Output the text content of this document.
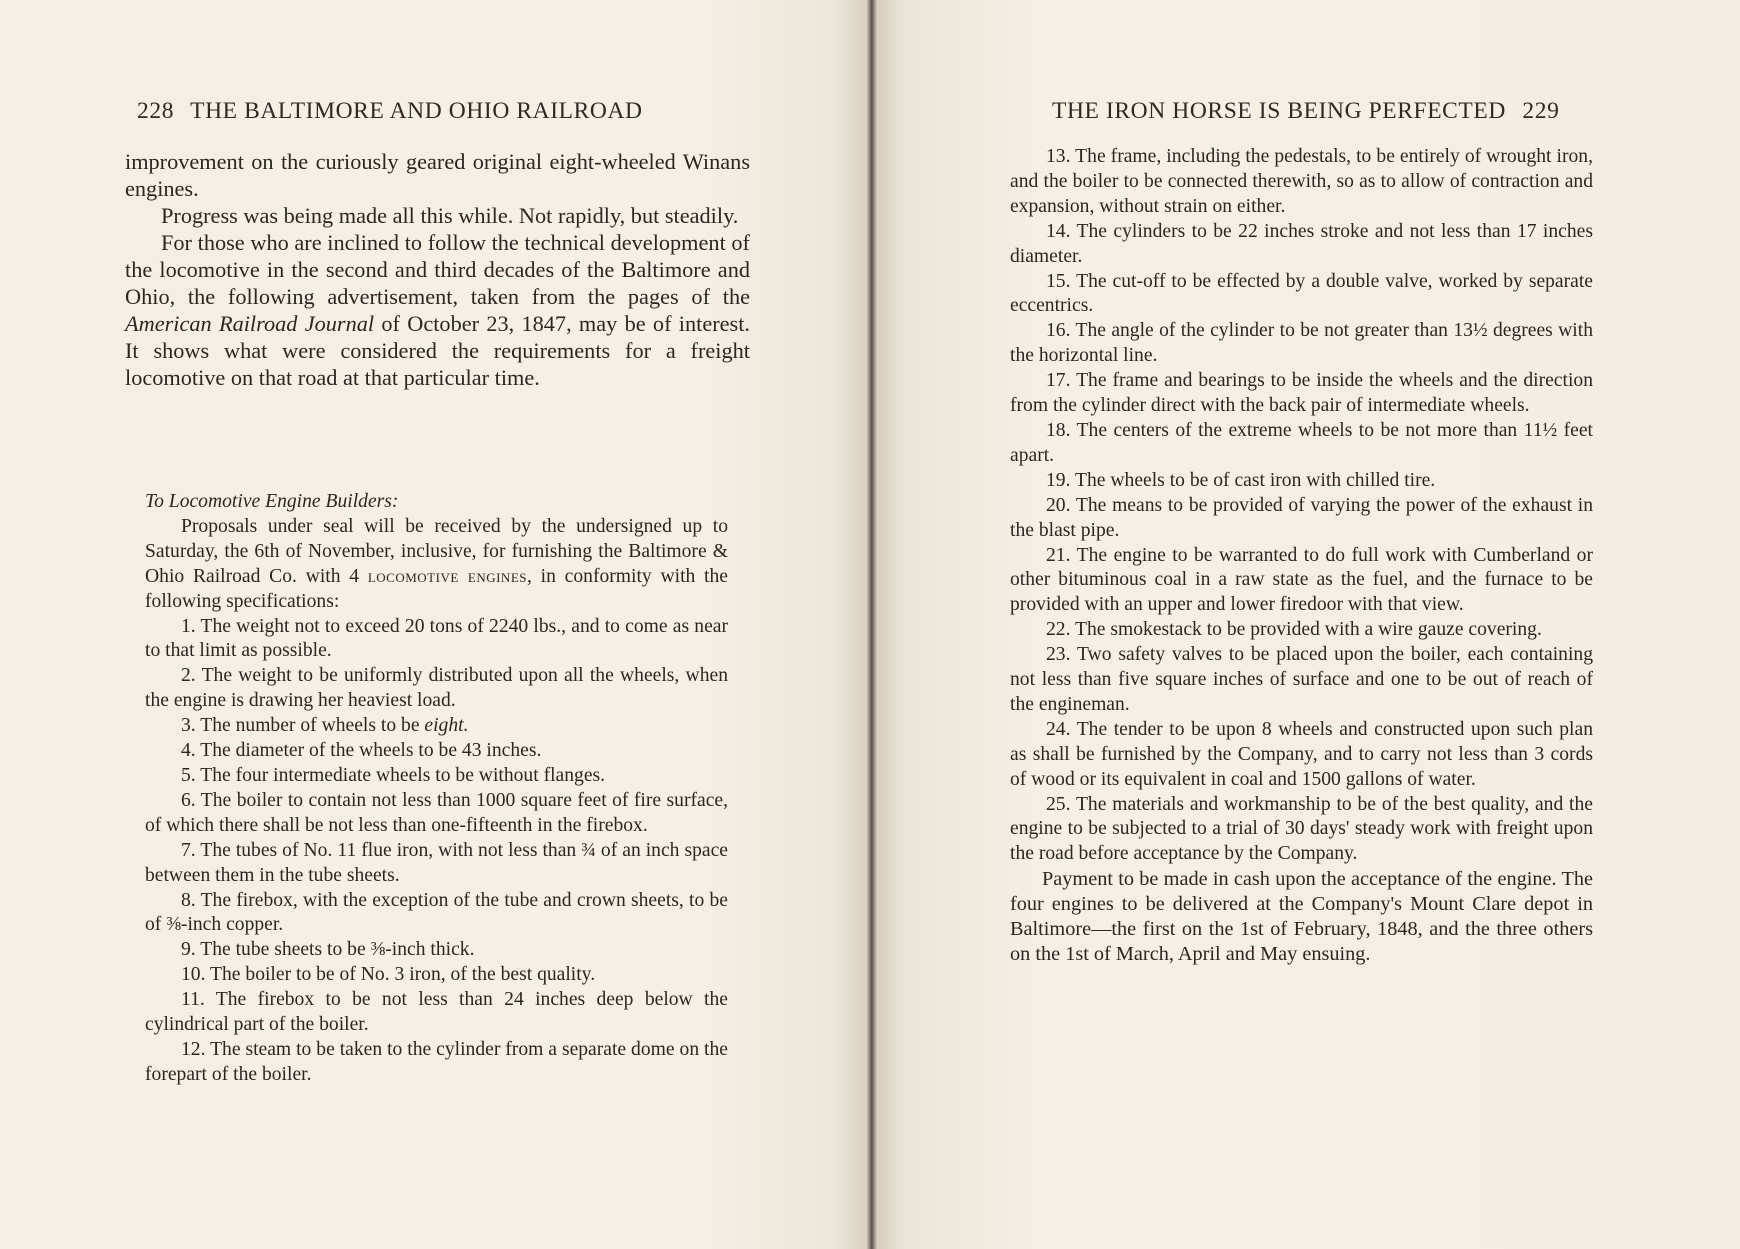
228 THE BALTIMORE AND OHIO RAILROAD

improvement on the curiously geared original eight-wheeled Winans engines.

Progress was being made all this while. Not rapidly, but steadily.

For those who are inclined to follow the technical development of the locomotive in the second and third decades of the Baltimore and Ohio, the following advertisement, taken from the pages of the American Railroad Journal of October 23, 1847, may be of interest. It shows what were considered the requirements for a freight locomotive on that road at that particular time.

To Locomotive Engine Builders:

Proposals under seal will be received by the undersigned up to Saturday, the 6th of November, inclusive, for furnishing the Baltimore & Ohio Railroad Co. with 4 locomotive engines, in conformity with the following specifications:

1. The weight not to exceed 20 tons of 2240 lbs., and to come as near to that limit as possible.

2. The weight to be uniformly distributed upon all the wheels, when the engine is drawing her heaviest load.

3. The number of wheels to be eight.

4. The diameter of the wheels to be 43 inches.

5. The four intermediate wheels to be without flanges.

6. The boiler to contain not less than 1000 square feet of fire surface, of which there shall be not less than one-fifteenth in the firebox.

7. The tubes of No. 11 flue iron, with not less than ¾ of an inch space between them in the tube sheets.

8. The firebox, with the exception of the tube and crown sheets, to be of ⅜-inch copper.

9. The tube sheets to be ⅜-inch thick.

10. The boiler to be of No. 3 iron, of the best quality.

11. The firebox to be not less than 24 inches deep below the cylindrical part of the boiler.

12. The steam to be taken to the cylinder from a separate dome on the forepart of the boiler.

THE IRON HORSE IS BEING PERFECTED 229

13. The frame, including the pedestals, to be entirely of wrought iron, and the boiler to be connected therewith, so as to allow of contraction and expansion, without strain on either.

14. The cylinders to be 22 inches stroke and not less than 17 inches diameter.

15. The cut-off to be effected by a double valve, worked by separate eccentrics.

16. The angle of the cylinder to be not greater than 13½ degrees with the horizontal line.

17. The frame and bearings to be inside the wheels and the direction from the cylinder direct with the back pair of intermediate wheels.

18. The centers of the extreme wheels to be not more than 11½ feet apart.

19. The wheels to be of cast iron with chilled tire.

20. The means to be provided of varying the power of the exhaust in the blast pipe.

21. The engine to be warranted to do full work with Cumberland or other bituminous coal in a raw state as the fuel, and the furnace to be provided with an upper and lower firedoor with that view.

22. The smokestack to be provided with a wire gauze covering.

23. Two safety valves to be placed upon the boiler, each containing not less than five square inches of surface and one to be out of reach of the engineman.

24. The tender to be upon 8 wheels and constructed upon such plan as shall be furnished by the Company, and to carry not less than 3 cords of wood or its equivalent in coal and 1500 gallons of water.

25. The materials and workmanship to be of the best quality, and the engine to be subjected to a trial of 30 days' steady work with freight upon the road before acceptance by the Company.

Payment to be made in cash upon the acceptance of the engine. The four engines to be delivered at the Company's Mount Clare depot in Baltimore—the first on the 1st of February, 1848, and the three others on the 1st of March, April and May ensuing.
